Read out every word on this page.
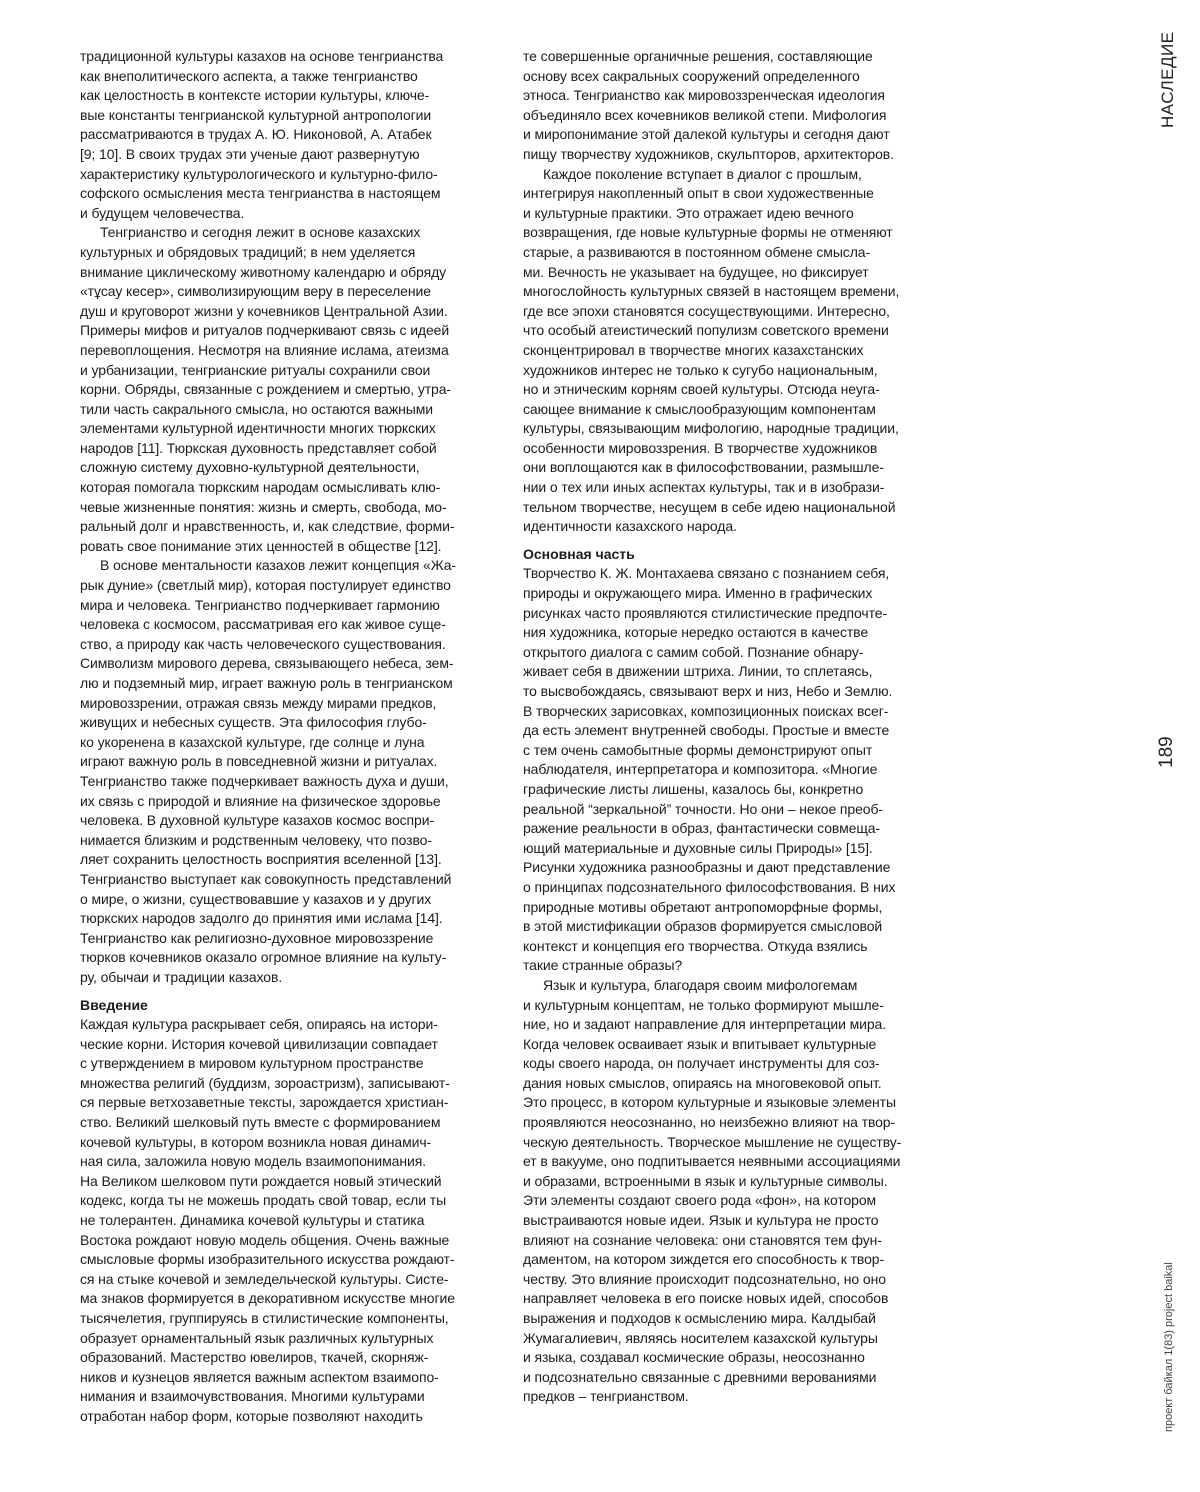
традиционной культуры казахов на основе тенгрианства
как внеполитического аспекта, а также тенгрианство
как целостность в контексте истории культуры, ключе-
вые константы тенгрианской культурной антропологии
рассматриваются в трудах А. Ю. Никоновой, А. Атабек
[9; 10]. В своих трудах эти ученые дают развернутую
характеристику культурологического и культурно-фило-
софского осмысления места тенгрианства в настоящем
и будущем человечества.
Тенгрианство и сегодня лежит в основе казахских
культурных и обрядовых традиций; в нем уделяется
внимание циклическому животному календарю и обряду
«тұсау кесер», символизирующим веру в переселение
душ и круговорот жизни у кочевников Центральной Азии.
Примеры мифов и ритуалов подчеркивают связь с идеей
перевоплощения. Несмотря на влияние ислама, атеизма
и урбанизации, тенгрианские ритуалы сохранили свои
корни. Обряды, связанные с рождением и смертью, утра-
тили часть сакрального смысла, но остаются важными
элементами культурной идентичности многих тюркских
народов [11]. Тюркская духовность представляет собой
сложную систему духовно-культурной деятельности,
которая помогала тюркским народам осмысливать клю-
чевые жизненные понятия: жизнь и смерть, свобода, мо-
ральный долг и нравственность, и, как следствие, форми-
ровать свое понимание этих ценностей в обществе [12].
В основе ментальности казахов лежит концепция «Жа-
рык дуние» (светлый мир), которая постулирует единство
мира и человека. Тенгрианство подчеркивает гармонию
человека с космосом, рассматривая его как живое суще-
ство, а природу как часть человеческого существования.
Символизм мирового дерева, связывающего небеса, зем-
лю и подземный мир, играет важную роль в тенгрианском
мировоззрении, отражая связь между мирами предков,
живущих и небесных существ. Эта философия глубо-
ко укоренена в казахской культуре, где солнце и луна
играют важную роль в повседневной жизни и ритуалах.
Тенгрианство также подчеркивает важность духа и души,
их связь с природой и влияние на физическое здоровье
человека. В духовной культуре казахов космос воспри-
нимается близким и родственным человеку, что позво-
ляет сохранить целостность восприятия вселенной [13].
Тенгрианство выступает как совокупность представлений
о мире, о жизни, существовавшие у казахов и у других
тюркских народов задолго до принятия ими ислама [14].
Тенгрианство как религиозно-духовное мировоззрение
тюрков кочевников оказало огромное влияние на культу-
ру, обычаи и традиции казахов.
Введение
Каждая культура раскрывает себя, опираясь на истори-
ческие корни. История кочевой цивилизации совпадает
с утверждением в мировом культурном пространстве
множества религий (буддизм, зороастризм), записывают-
ся первые ветхозаветные тексты, зарождается христиан-
ство. Великий шелковый путь вместе с формированием
кочевой культуры, в котором возникла новая динамич-
ная сила, заложила новую модель взаимопонимания.
На Великом шелковом пути рождается новый этический
кодекс, когда ты не можешь продать свой товар, если ты
не толерантен. Динамика кочевой культуры и статика
Востока рождают новую модель общения. Очень важные
смысловые формы изобразительного искусства рождают-
ся на стыке кочевой и земледельческой культуры. Систе-
ма знаков формируется в декоративном искусстве многие
тысячелетия, группируясь в стилистические компоненты,
образует орнаментальный язык различных культурных
образований. Мастерство ювелиров, ткачей, скорняж-
ников и кузнецов является важным аспектом взаимопо-
нимания и взаимочувствования. Многими культурами
отработан набор форм, которые позволяют находить
те совершенные органичные решения, составляющие
основу всех сакральных сооружений определенного
этноса. Тенгрианство как мировоззренческая идеология
объединяло всех кочевников великой степи. Мифология
и миропонимание этой далекой культуры и сегодня дают
пищу творчеству художников, скульпторов, архитекторов.
Каждое поколение вступает в диалог с прошлым,
интегрируя накопленный опыт в свои художественные
и культурные практики. Это отражает идею вечного
возвращения, где новые культурные формы не отменяют
старые, а развиваются в постоянном обмене смысла-
ми. Вечность не указывает на будущее, но фиксирует
многослойность культурных связей в настоящем времени,
где все эпохи становятся сосуществующими. Интересно,
что особый атеистический популизм советского времени
сконцентрировал в творчестве многих казахстанских
художников интерес не только к сугубо национальным,
но и этническим корням своей культуры. Отсюда неуга-
сающее внимание к смыслообразующим компонентам
культуры, связывающим мифологию, народные традиции,
особенности мировоззрения. В творчестве художников
они воплощаются как в философствовании, размышле-
нии о тех или иных аспектах культуры, так и в изобрази-
тельном творчестве, несущем в себе идею национальной
идентичности казахского народа.
Основная часть
Творчество К. Ж. Монтахаева связано с познанием себя,
природы и окружающего мира. Именно в графических
рисунках часто проявляются стилистические предпочте-
ния художника, которые нередко остаются в качестве
открытого диалога с самим собой. Познание обнару-
живает себя в движении штриха. Линии, то сплетаясь,
то высвобождаясь, связывают верх и низ, Небо и Землю.
В творческих зарисовках, композиционных поисках всег-
да есть элемент внутренней свободы. Простые и вместе
с тем очень самобытные формы демонстрируют опыт
наблюдателя, интерпретатора и композитора. «Многие
графические листы лишены, казалось бы, конкретно
реальной “зеркальной” точности. Но они – некое преоб-
ражение реальности в образ, фантастически совмеща-
ющий материальные и духовные силы Природы» [15].
Рисунки художника разнообразны и дают представление
о принципах подсознательного философствования. В них
природные мотивы обретают антропоморфные формы,
в этой мистификации образов формируется смысловой
контекст и концепция его творчества. Откуда взялись
такие странные образы?
Язык и культура, благодаря своим мифологемам
и культурным концептам, не только формируют мышле-
ние, но и задают направление для интерпретации мира.
Когда человек осваивает язык и впитывает культурные
коды своего народа, он получает инструменты для соз-
дания новых смыслов, опираясь на многовековой опыт.
Это процесс, в котором культурные и языковые элементы
проявляются неосознанно, но неизбежно влияют на твор-
ческую деятельность. Творческое мышление не существу-
ет в вакууме, оно подпитывается неявными ассоциациями
и образами, встроенными в язык и культурные символы.
Эти элементы создают своего рода «фон», на котором
выстраиваются новые идеи. Язык и культура не просто
влияют на сознание человека: они становятся тем фун-
даментом, на котором зиждется его способность к твор-
честву. Это влияние происходит подсознательно, но оно
направляет человека в его поиске новых идей, способов
выражения и подходов к осмыслению мира. Калдыбай
Жумагалиевич, являясь носителем казахской культуры
и языка, создавал космические образы, неосознанно
и подсознательно связанные с древними верованиями
предков – тенгрианством.
НАСЛЕДИЕ
189
проект байкал 1(83) project baikal
